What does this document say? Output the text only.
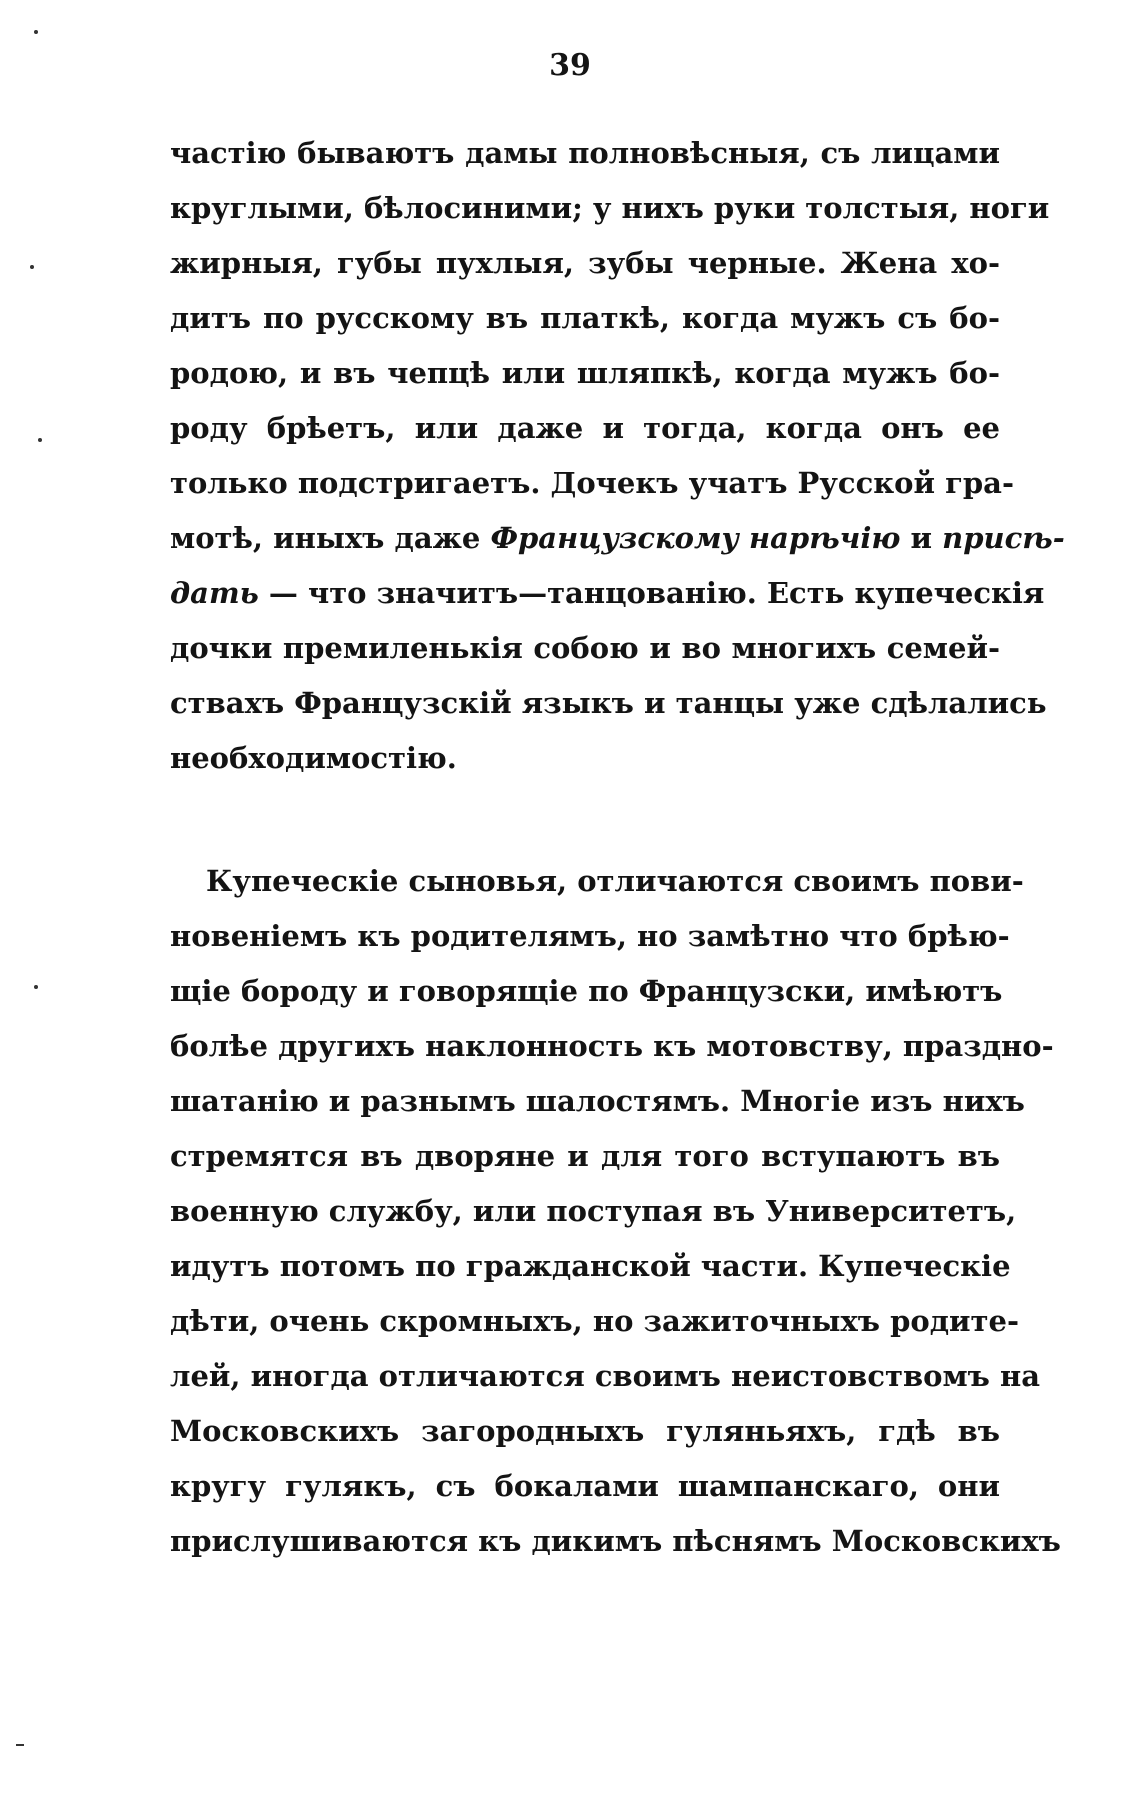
39
частію бываютъ дамы полновѣсныя, съ лицами
круглыми, бѣлосиними; у нихъ руки толстыя, ноги
жирныя, губы пухлыя, зубы черные. Жена хо-
дитъ по русскому въ платкѣ, когда мужъ съ бо-
родою, и въ чепцѣ или шляпкѣ, когда мужъ бо-
роду брѣетъ, или даже и тогда, когда онъ ее
только подстригаетъ. Дочекъ учатъ Русской гра-
мотѣ, иныхъ даже Французскому нарѣчію и присѣ-
дать — что значитъ—танцованію. Есть купеческія
дочки премиленькія собою и во многихъ семей-
ствахъ Французскій языкъ и танцы уже сдѣлались
необходимостію.
Купеческіе сыновья, отличаются своимъ пови-
новеніемъ къ родителямъ, но замѣтно что брѣю-
щіе бороду и говорящіе по Французски, имѣютъ
болѣе другихъ наклонность къ мотовству, праздно-
шатанію и разнымъ шалостямъ. Многіе изъ нихъ
стремятся въ дворяне и для того вступаютъ въ
военную службу, или поступая въ Университетъ,
идутъ потомъ по гражданской части. Купеческіе
дѣти, очень скромныхъ, но зажиточныхъ родите-
лей, иногда отличаются своимъ неистовствомъ на
Московскихъ загородныхъ гуляньяхъ, гдѣ въ
кругу гулякъ, съ бокалами шампанскаго, они
прислушиваются къ дикимъ пѣснямъ Московскихъ
